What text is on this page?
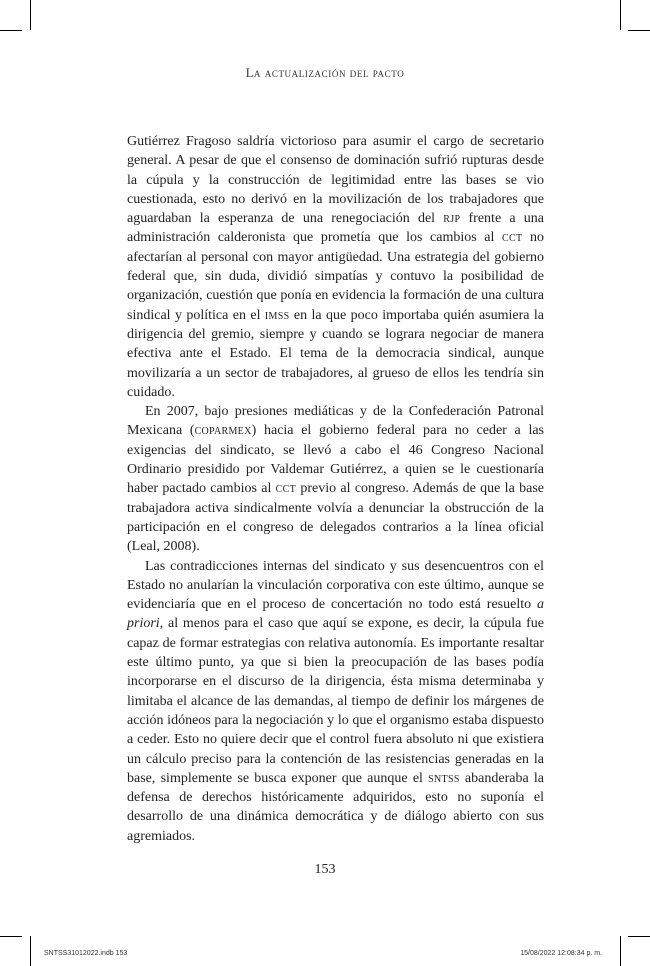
La actualización del pacto

Gutiérrez Fragoso saldría victorioso para asumir el cargo de secretario general. A pesar de que el consenso de dominación sufrió rupturas desde la cúpula y la construcción de legitimidad entre las bases se vio cuestionada, esto no derivó en la movilización de los trabajadores que aguardaban la esperanza de una renegociación del rjp frente a una administración calderonista que prometía que los cambios al cct no afectarían al personal con mayor antigüedad. Una estrategia del gobierno federal que, sin duda, dividió simpatías y contuvo la posibilidad de organización, cuestión que ponía en evidencia la formación de una cultura sindical y política en el imss en la que poco importaba quién asumiera la dirigencia del gremio, siempre y cuando se lograra negociar de manera efectiva ante el Estado. El tema de la democracia sindical, aunque movilizaría a un sector de trabajadores, al grueso de ellos les tendría sin cuidado.

En 2007, bajo presiones mediáticas y de la Confederación Patronal Mexicana (coparmex) hacia el gobierno federal para no ceder a las exigencias del sindicato, se llevó a cabo el 46 Congreso Nacional Ordinario presidido por Valdemar Gutiérrez, a quien se le cuestionaría haber pactado cambios al cct previo al congreso. Además de que la base trabajadora activa sindicalmente volvía a denunciar la obstrucción de la participación en el congreso de delegados contrarios a la línea oficial (Leal, 2008).

Las contradicciones internas del sindicato y sus desencuentros con el Estado no anularían la vinculación corporativa con este último, aunque se evidenciaría que en el proceso de concertación no todo está resuelto a priori, al menos para el caso que aquí se expone, es decir, la cúpula fue capaz de formar estrategias con relativa autonomía. Es importante resaltar este último punto, ya que si bien la preocupación de las bases podía incorporarse en el discurso de la dirigencia, ésta misma determinaba y limitaba el alcance de las demandas, al tiempo de definir los márgenes de acción idóneos para la negociación y lo que el organismo estaba dispuesto a ceder. Esto no quiere decir que el control fuera absoluto ni que existiera un cálculo preciso para la contención de las resistencias generadas en la base, simplemente se busca exponer que aunque el sntss abanderaba la defensa de derechos históricamente adquiridos, esto no suponía el desarrollo de una dinámica democrática y de diálogo abierto con sus agremiados.

153
SNTSS31012022.indb 153	15/08/2022 12:08:34 p. m.
